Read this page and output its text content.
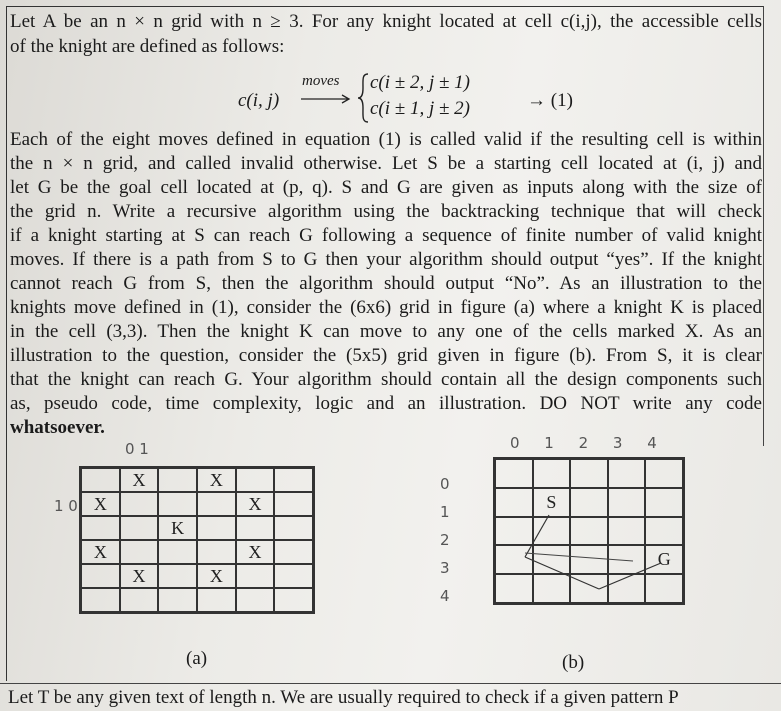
Let A be an n × n grid with n ≥ 3. For any knight located at cell c(i,j), the accessible cells
of the knight are defined as follows:
c(i, j)
moves c(i ± 2, j ± 1)
c(i ± 1, j ± 2)	→ (1)
Each of the eight moves defined in equation (1) is called valid if the resulting cell is within
the n × n grid, and called invalid otherwise. Let S be a starting cell located at (i, j) and
let G be the goal cell located at (p, q). S and G are given as inputs along with the size of
the grid n. Write a recursive algorithm using the backtracking technique that will check
if a knight starting at S can reach G following a sequence of finite number of valid knight
moves. If there is a path from S to G then your algorithm should output “yes”. If the knight
cannot reach G from S, then the algorithm should output “No”. As an illustration to the
knights move defined in (1), consider the (6x6) grid in figure (a) where a knight K is placed
in the cell (3,3). Then the knight K can move to any one of the cells marked X. As an
illustration to the question, consider the (5x5) grid given in figure (b). From S, it is clear
that the knight can reach G. Your algorithm should contain all the design components such
as, pseudo code, time complexity, logic and an illustration. DO NOT write any code
whatsoever.
0 1
1 0
X	X
X	X
K
X	X
X	X
(a)
0 1 2 3 4
0 1 2 3 4
S
G
(b)
Let T be any given text of length n. We are usually required to check if a given pattern P
